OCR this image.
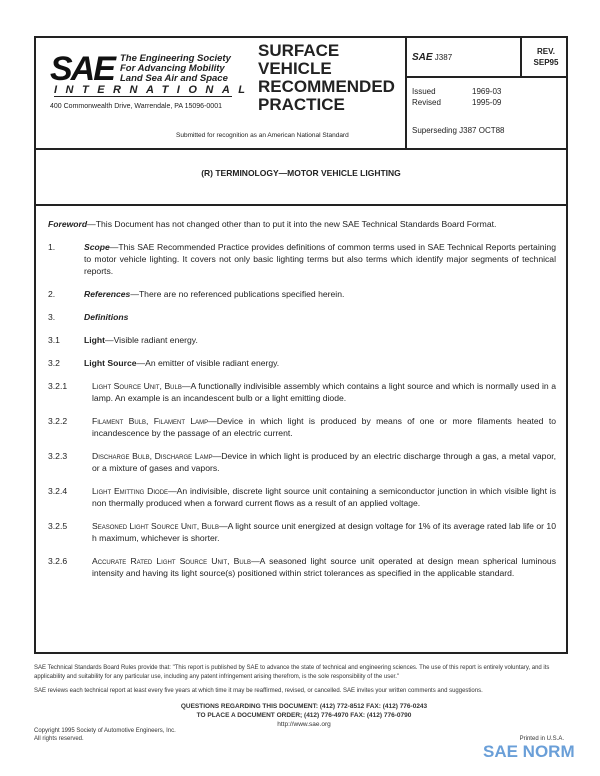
SAE The Engineering Society
For Advancing Mobility
Land Sea Air and Space
INTERNATIONAL
400 Commonwealth Drive, Warrendale, PA 15096-0001
SURFACE
VEHICLE
RECOMMENDED
PRACTICE
Submitted for recognition as an American National Standard
SAE J387
REV.
SEP95
Issued	1969-03
Revised	1995-09
Superseding J387 OCT88
(R) TERMINOLOGY—MOTOR VEHICLE LIGHTING

Foreword—This Document has not changed other than to put it into the new SAE Technical Standards Board Format.

1.	Scope—This SAE Recommended Practice provides definitions of common terms used in SAE Technical Reports pertaining to motor vehicle lighting. It covers not only basic lighting terms but also terms which identify major segments of technical reports.
2.	References—There are no referenced publications specified herein.
3.	Definitions
3.1	Light—Visible radiant energy.
3.2	Light Source—An emitter of visible radiant energy.
3.2.1	Light Source Unit, Bulb—A functionally indivisible assembly which contains a light source and which is normally used in a lamp. An example is an incandescent bulb or a light emitting diode.
3.2.2	Filament Bulb, Filament Lamp—Device in which light is produced by means of one or more filaments heated to incandescence by the passage of an electric current.
3.2.3	Discharge Bulb, Discharge Lamp—Device in which light is produced by an electric discharge through a gas, a metal vapor, or a mixture of gases and vapors.
3.2.4	Light Emitting Diode—An indivisible, discrete light source unit containing a semiconductor junction in which visible light is non thermally produced when a forward current flows as a result of an applied voltage.
3.2.5	Seasoned Light Source Unit, Bulb—A light source unit energized at design voltage for 1% of its average rated lab life or 10 h maximum, whichever is shorter.
3.2.6	Accurate Rated Light Source Unit, Bulb—A seasoned light source unit operated at design mean spherical luminous intensity and having its light source(s) positioned within strict tolerances as specified in the applicable standard.
SAE Technical Standards Board Rules provide that: "This report is published by SAE to advance the state of technical and engineering sciences. The use of this report is entirely voluntary, and its applicability and suitability for any particular use, including any patent infringement arising therefrom, is the sole responsibility of the user."
SAE reviews each technical report at least every five years at which time it may be reaffirmed, revised, or cancelled. SAE invites your written comments and suggestions.
QUESTIONS REGARDING THIS DOCUMENT: (412) 772-8512 FAX: (412) 776-0243
TO PLACE A DOCUMENT ORDER; (412) 776-4970 FAX: (412) 776-0790
http://www.sae.org
Copyright 1995 Society of Automotive Engineers, Inc.
All rights reserved.	Printed in U.S.A.
SAE NORM
